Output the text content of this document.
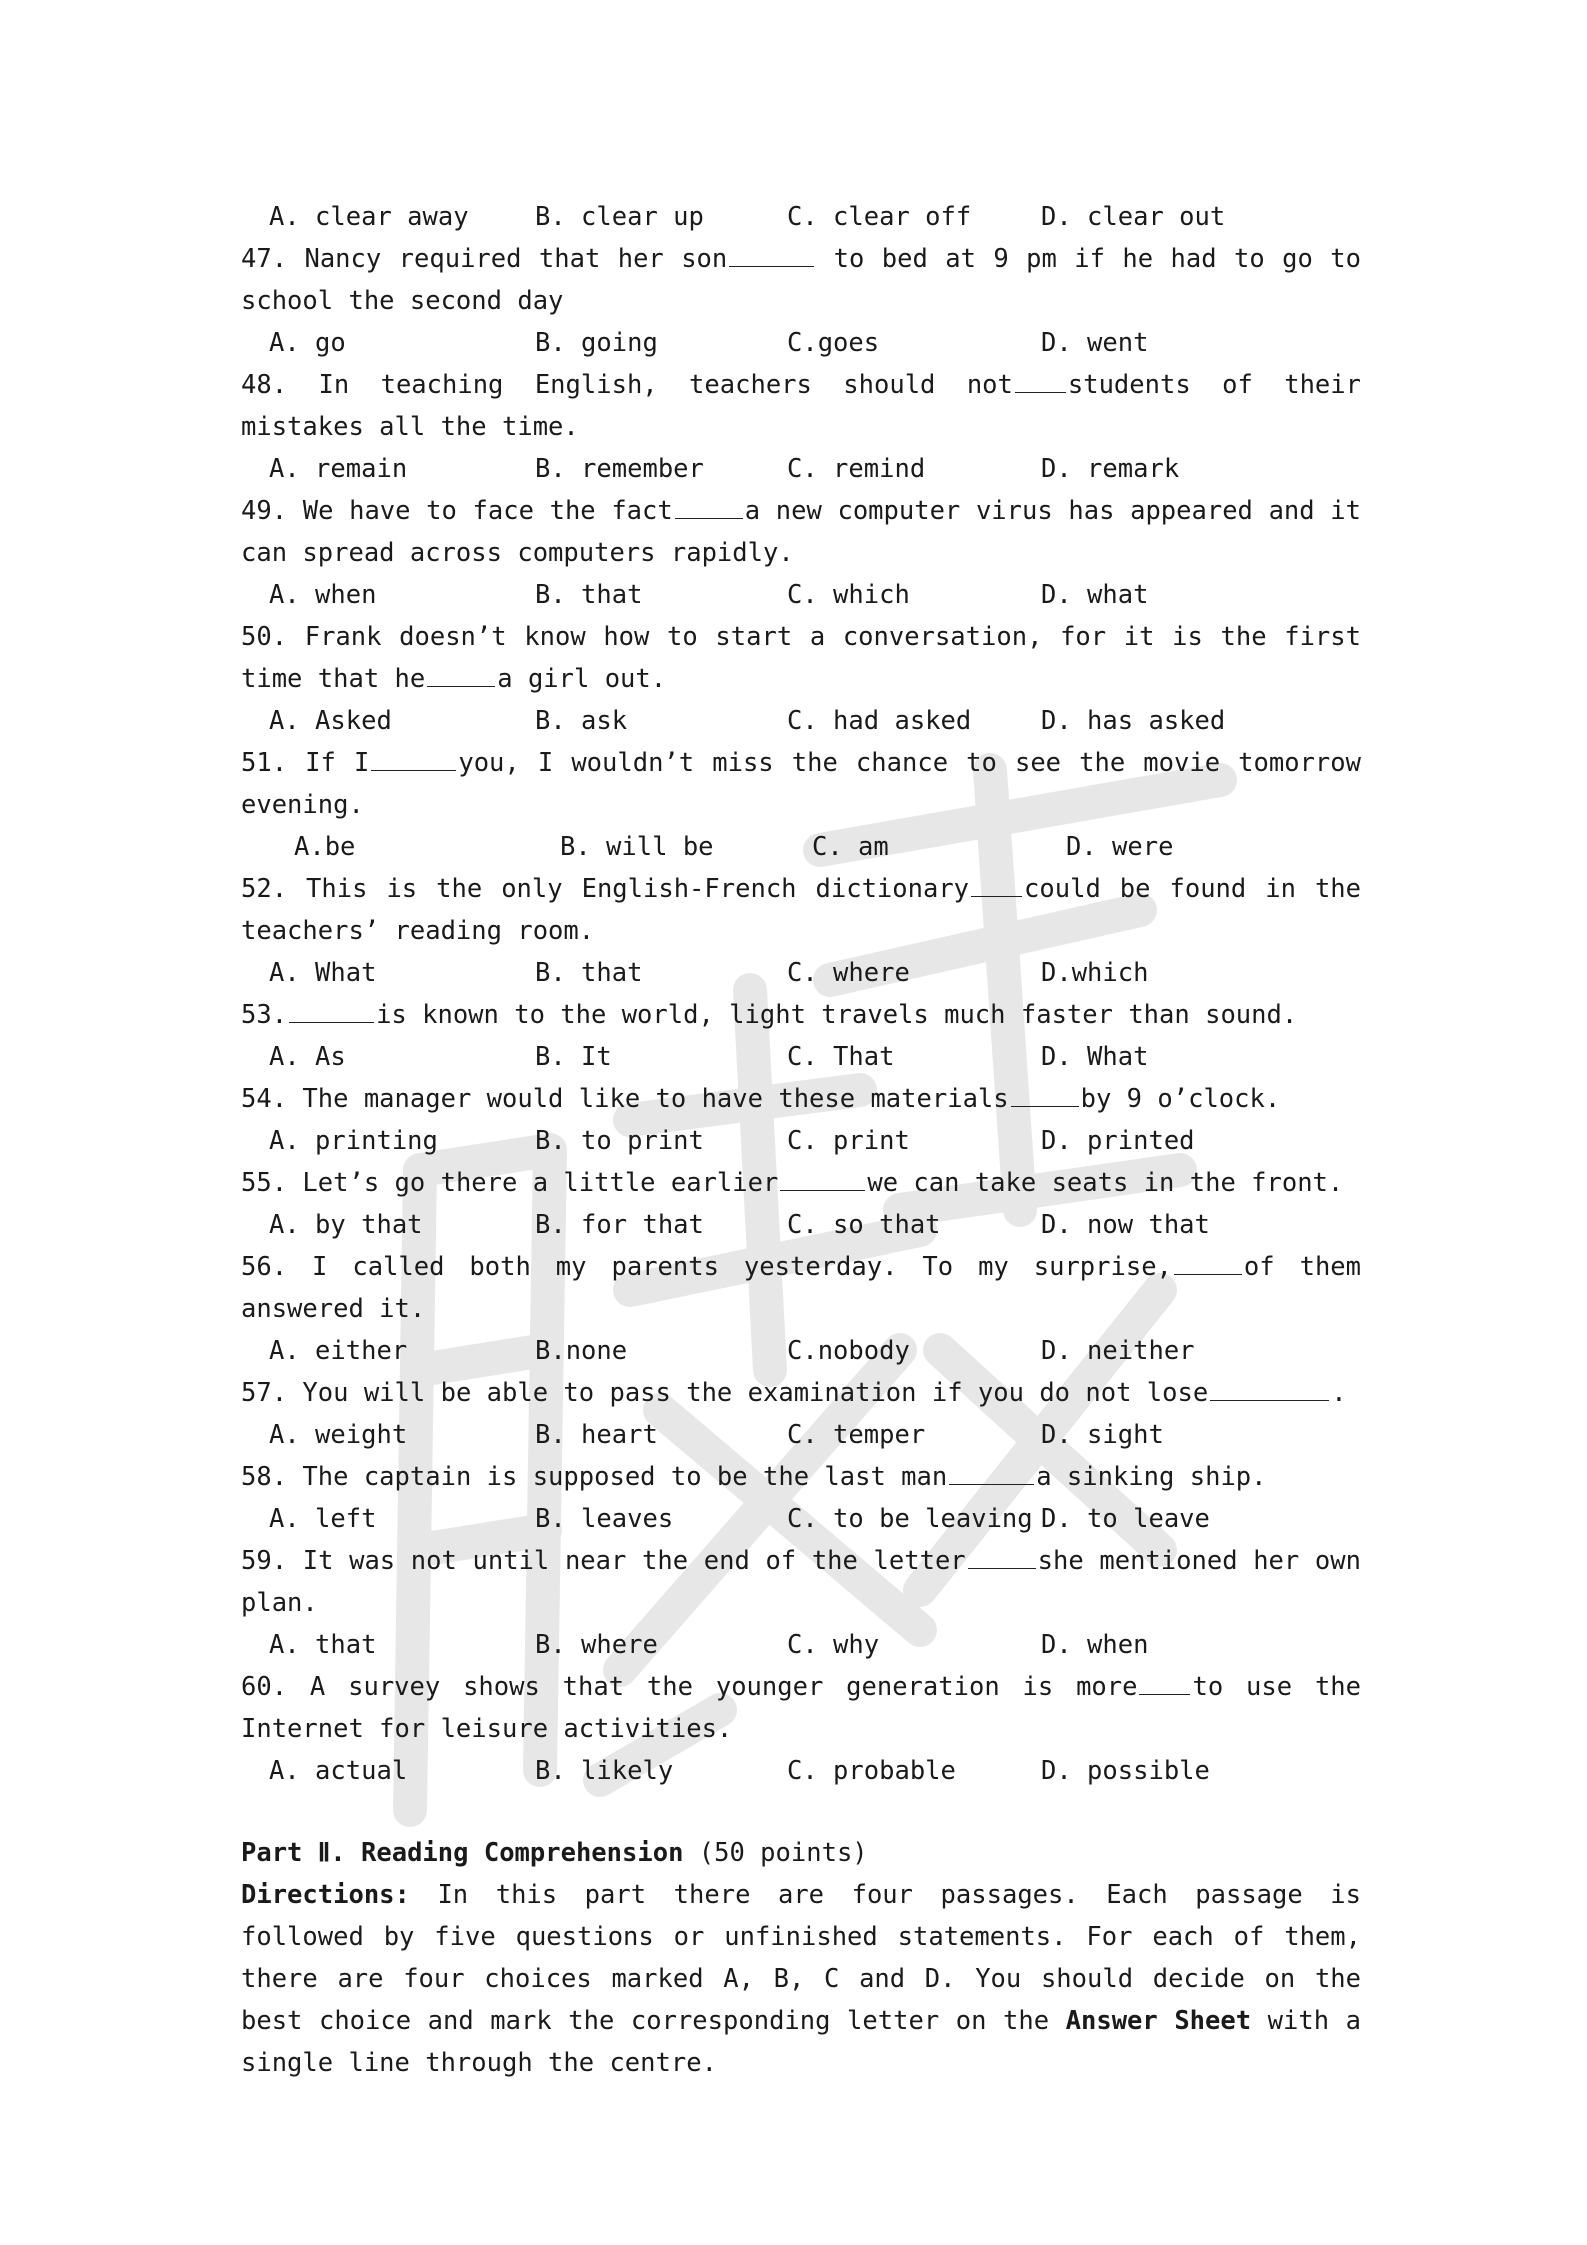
A. clear away	B. clear up	C. clear off	D. clear out
47. Nancy required that her son	to bed at 9 pm if he had to go to school the second day
A. go	B. going	C.goes	D. went
48. In teaching English, teachers should not students of their mistakes all the time.
A. remain	B. remember	C. remind	D. remark
49. We have to face the fact	a new computer virus has appeared and it can spread across computers rapidly.
A. when	B. that	C. which	D. what
50. Frank doesn’t know how to start a conversation, for it is the first time that he	a girl out.
A. Asked	B. ask	C. had asked	D. has asked
51. If I	you, I wouldn’t miss the chance to see the movie tomorrow evening.
A.be	B. will be	C. am	D. were
52. This is the only English-French dictionary could be found in the teachers’ reading room.
A. What	B. that	C. where	D.which
53.	is known to the world, light travels much faster than sound.
A. As	B. It	C. That	D. What
54. The manager would like to have these materials	by 9 o’clock.
A. printing	B. to print	C. print	D. printed
55. Let’s go there a little earlier	we can take seats in the front.
A. by that	B. for that	C. so that	D. now that
56. I called both my parents yesterday. To my surprise,	of them answered it.
A. either	B.none	C.nobody	D. neither
57. You will be able to pass the examination if you do not lose	.
A. weight	B. heart	C. temper	D. sight
58. The captain is supposed to be the last man	a sinking ship.
A. left	B. leaves	C. to be leaving D. to leave
59. It was not until near the end of the letter	she mentioned her own plan.
A. that	B. where	C. why	D. when
60. A survey shows that the younger generation is more to use the Internet for leisure activities.
A. actual	B. likely	C. probable	D. possible
Part Ⅱ. Reading Comprehension (50 points)
Directions: In this part there are four passages. Each passage is followed by five questions or unfinished statements. For each of them, there are four choices marked A, B, C and D. You should decide on the best choice and mark the corresponding letter on the Answer Sheet with a single line through the centre.
